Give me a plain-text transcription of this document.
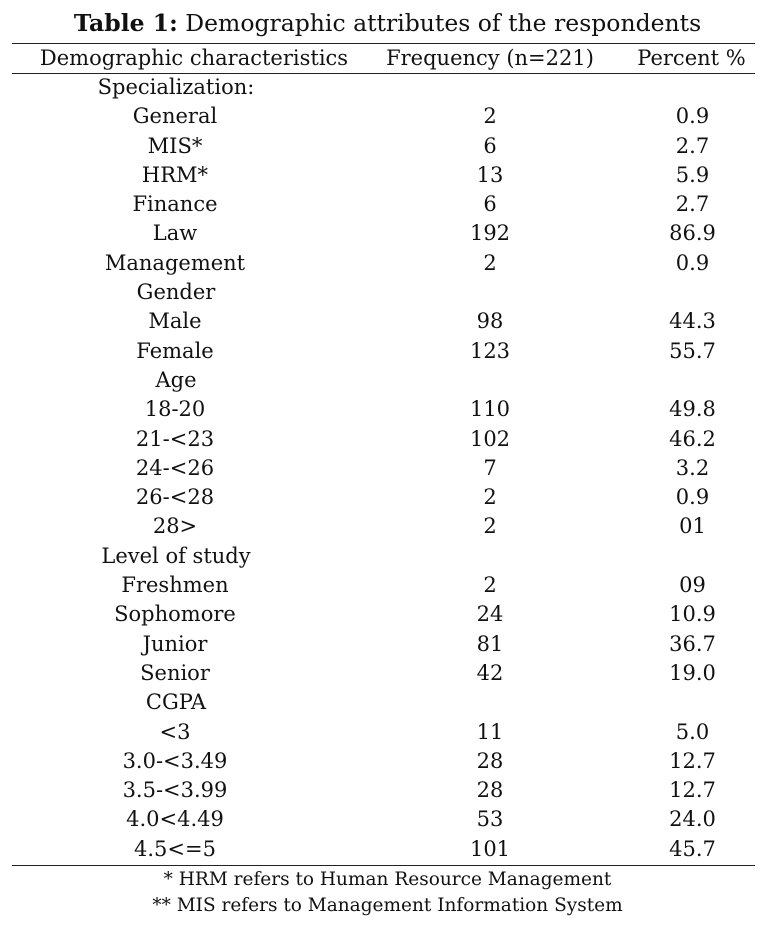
Table 1: Demographic attributes of the respondents
Demographic characteristics	Frequency (n=221)	Percent %
Specialization:		
General	2	0.9
MIS*	6	2.7
HRM*	13	5.9
Finance	6	2.7
Law	192	86.9
Management	2	0.9
Gender		
Male	98	44.3
Female	123	55.7
Age		
18-20	110	49.8
21-<23	102	46.2
24-<26	7	3.2
26-<28	2	0.9
28>	2	01
Level of study		
Freshmen	2	09
Sophomore	24	10.9
Junior	81	36.7
Senior	42	19.0
CGPA		
<3	11	5.0
3.0-<3.49	28	12.7
3.5-<3.99	28	12.7
4.0<4.49	53	24.0
4.5<=5	101	45.7
* HRM refers to Human Resource Management
** MIS refers to Management Information System
